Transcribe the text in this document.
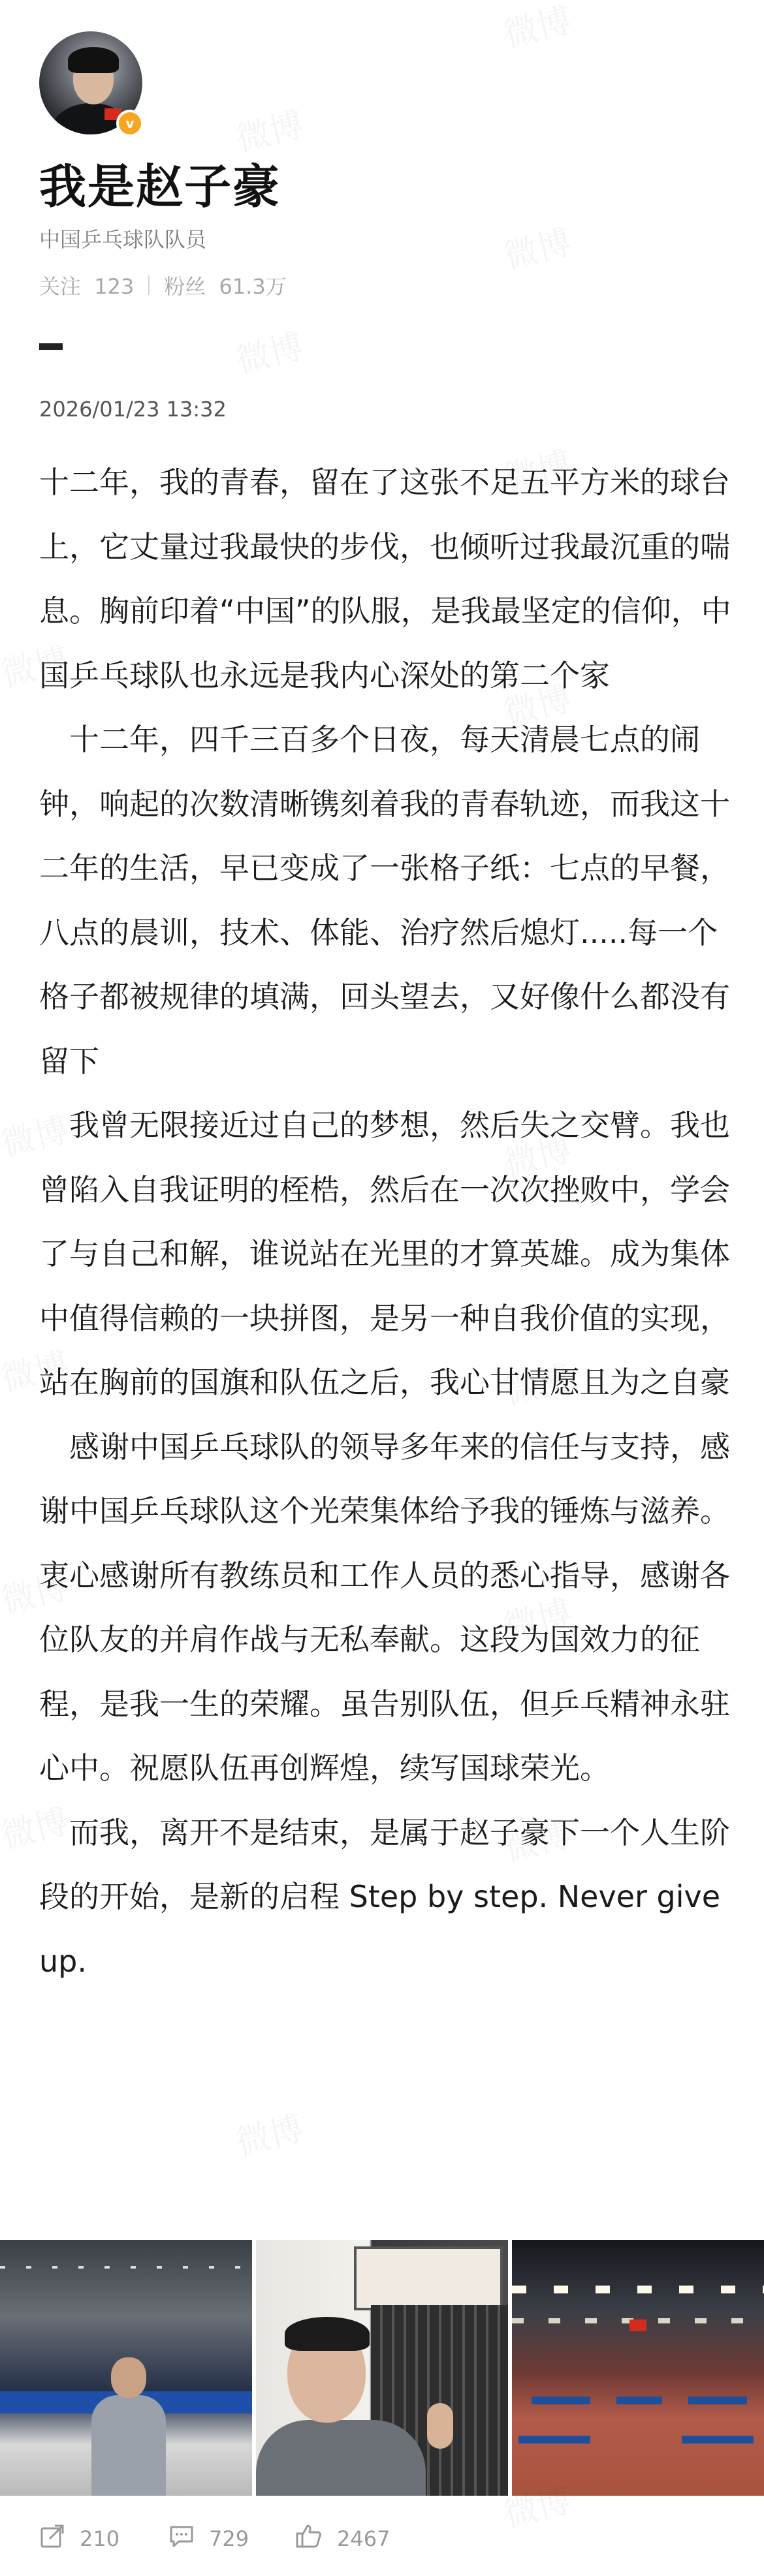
v
我是赵子豪
中国乒乓球队队员
关注 123 粉丝 61.3万
2026/01/23 13:32

十二年，我的青春，留在了这张不足五平方米的球台上，它丈量过我最快的步伐，也倾听过我最沉重的喘息。胸前印着“中国”的队服，是我最坚定的信仰，中国乒乓球队也永远是我内心深处的第二个家

　十二年，四千三百多个日夜，每天清晨七点的闹钟，响起的次数清晰镌刻着我的青春轨迹，而我这十二年的生活，早已变成了一张格子纸：七点的早餐，八点的晨训，技术、体能、治疗然后熄灯.....每一个格子都被规律的填满，回头望去，又好像什么都没有留下

　我曾无限接近过自己的梦想，然后失之交臂。我也曾陷入自我证明的桎梏，然后在一次次挫败中，学会了与自己和解，谁说站在光里的才算英雄。成为集体中值得信赖的一块拼图，是另一种自我价值的实现，站在胸前的国旗和队伍之后，我心甘情愿且为之自豪

　感谢中国乒乓球队的领导多年来的信任与支持，感谢中国乒乓球队这个光荣集体给予我的锤炼与滋养。衷心感谢所有教练员和工作人员的悉心指导，感谢各位队友的并肩作战与无私奉献。这段为国效力的征程，是我一生的荣耀。虽告别队伍，但乒乓精神永驻心中。祝愿队伍再创辉煌，续写国球荣光。

　而我，离开不是结束，是属于赵子豪下一个人生阶段的开始，是新的启程 Step by step. Never give up.

210	729	2467
